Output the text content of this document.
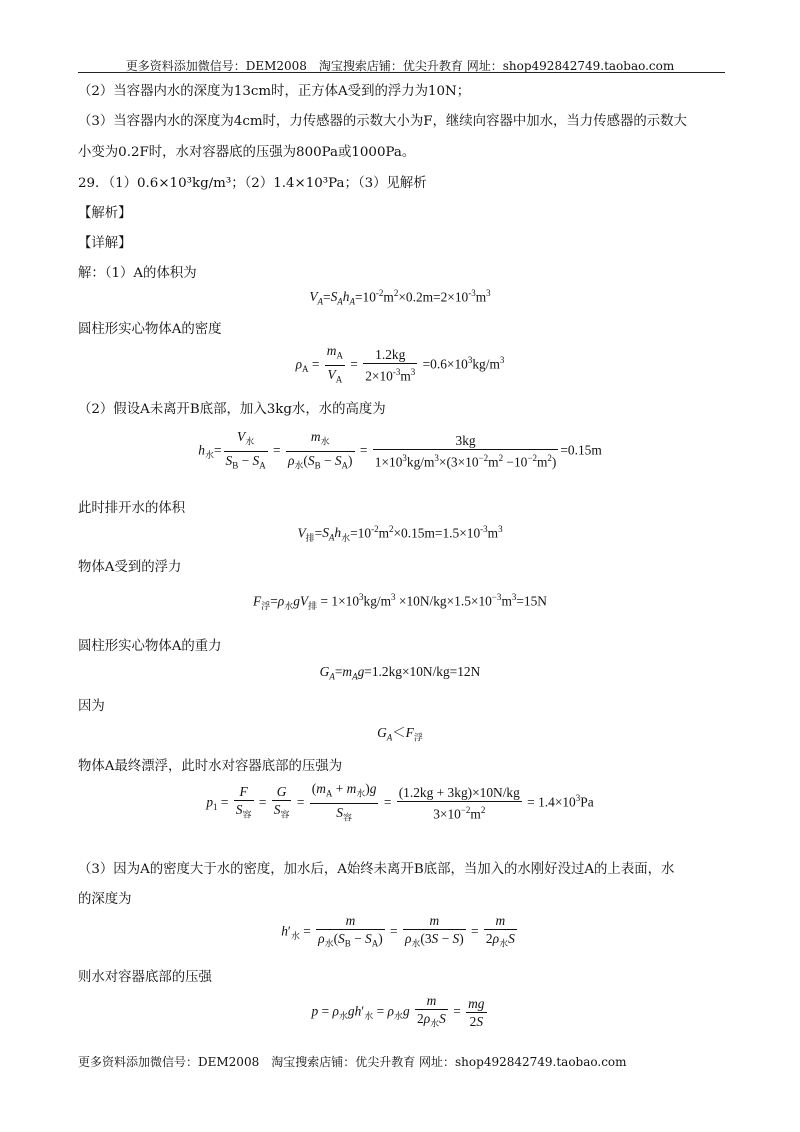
更多资料添加微信号：DEM2008　淘宝搜索店铺：优尖升教育 网址：shop492842749.taobao.com
（2）当容器内水的深度为13cm时，正方体A受到的浮力为10N；
（3）当容器内水的深度为4cm时，力传感器的示数大小为F，继续向容器中加水，当力传感器的示数大
小变为0.2F时，水对容器底的压强为800Pa或1000Pa。
29．（1）0.6×10³kg/m³；（2）1.4×10³Pa；（3）见解析
【解析】
【详解】
解：（1）A的体积为
$V_A=S_Ah_A=10^{-2}m^2\times 0.2m=2\times 10^{-3}m^3$
圆柱形实心物体A的密度
$\rho_A = \frac{m_A}{V_A} = \frac{1.2kg}{2\times 10^{-3}m^3} =0.6\times 10^3kg/m^3$
（2）假设A未离开B底部，加入3kg水，水的高度为
$h_水= \frac{V_水}{S_B - S_A} = \frac{m_水}{\rho_水(S_B - S_A)} = \frac{3kg}{1\times 10^3kg/m^3\times(3\times 10^{-2}m^2 -10^{-2}m^2)} =0.15m$
此时排开水的体积
$V_排=S_Ah_水=10^{-2}m^2\times 0.15m=1.5\times 10^{-3}m^3$
物体A受到的浮力
$F_浮=\rho_水gV_排 = 1\times 10^3kg/m^3 \times 10N/kg\times 1.5\times 10^{-3}m^3=15N$
圆柱形实心物体A的重力
$G_A=m_Ag=1.2kg\times 10N/kg=12N$
因为
$G_A<F_浮$
物体A最终漂浮，此时水对容器底部的压强为
$p_1 = \frac{F}{S_容} = \frac{G}{S_容} = \frac{(m_A + m_水)g}{S_容} = \frac{(1.2kg + 3kg)\times 10N/kg}{3\times 10^{-2}m^2} = 1.4\times 10^3Pa$
（3）因为A的密度大于水的密度，加水后，A始终未离开B底部，当加入的水刚好没过A的上表面，水
的深度为
$h'_水 = \frac{m}{\rho_水(S_B - S_A)} = \frac{m}{\rho_水(3S - S)} = \frac{m}{2\rho_水S}$
则水对容器底部的压强
$p = \rho_水gh'_水 = \rho_水g \frac{m}{2\rho_水S} = \frac{mg}{2S}$
更多资料添加微信号：DEM2008　淘宝搜索店铺：优尖升教育 网址：shop492842749.taobao.com
